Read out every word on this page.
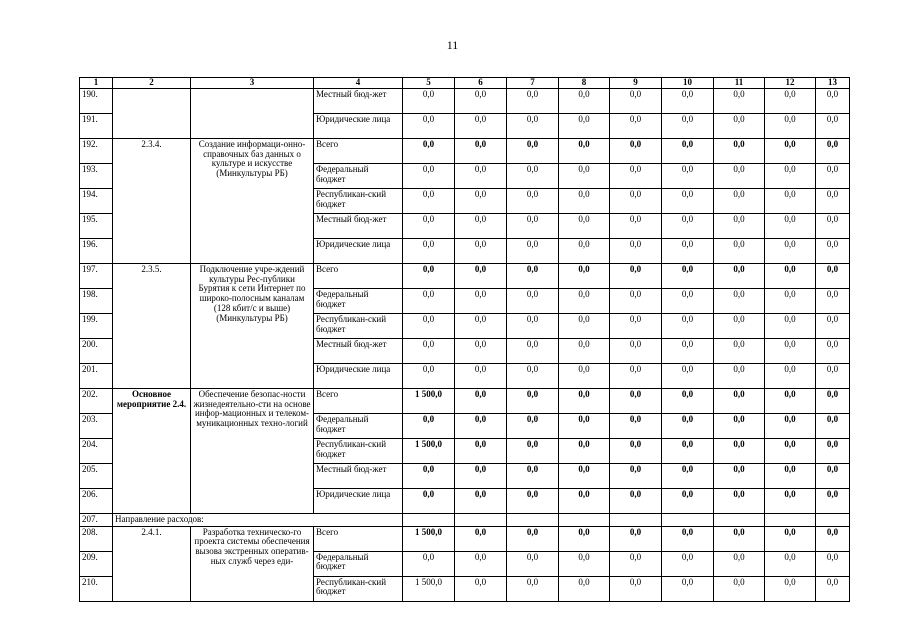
11
1	2	3	4	5	6	7	8	9	10	11	12	13
190.			Местный бюд-жет	0,0	0,0	0,0	0,0	0,0	0,0	0,0	0,0	0,0
191.			Юридические лица	0,0	0,0	0,0	0,0	0,0	0,0	0,0	0,0	0,0
192.	2.3.4.	Создание информаци-онно-справочных баз данных о культуре и искусстве (Минкультуры РБ)	Всего	0,0	0,0	0,0	0,0	0,0	0,0	0,0	0,0	0,0
193.			Федеральный бюджет	0,0	0,0	0,0	0,0	0,0	0,0	0,0	0,0	0,0
194.			Республикан-ский бюджет	0,0	0,0	0,0	0,0	0,0	0,0	0,0	0,0	0,0
195.			Местный бюд-жет	0,0	0,0	0,0	0,0	0,0	0,0	0,0	0,0	0,0
196.			Юридические лица	0,0	0,0	0,0	0,0	0,0	0,0	0,0	0,0	0,0
197.	2.3.5.	Подключение учре-ждений культуры Рес-публики Бурятия к сети Интернет по широко-полосным каналам (128 кбит/с и выше) (Минкультуры РБ)	Всего	0,0	0,0	0,0	0,0	0,0	0,0	0,0	0,0	0,0
198.			Федеральный бюджет	0,0	0,0	0,0	0,0	0,0	0,0	0,0	0,0	0,0
199.			Республикан-ский бюджет	0,0	0,0	0,0	0,0	0,0	0,0	0,0	0,0	0,0
200.			Местный бюд-жет	0,0	0,0	0,0	0,0	0,0	0,0	0,0	0,0	0,0
201.			Юридические лица	0,0	0,0	0,0	0,0	0,0	0,0	0,0	0,0	0,0
202.	Основное мероприятие 2.4.	Обеспечение безопас-ности жизнедеятельно-сти на основе инфор-мационных и телеком-муникационных техно-логий	Всего	1 500,0	0,0	0,0	0,0	0,0	0,0	0,0	0,0	0,0
203.			Федеральный бюджет	0,0	0,0	0,0	0,0	0,0	0,0	0,0	0,0	0,0
204.			Республикан-ский бюджет	1 500,0	0,0	0,0	0,0	0,0	0,0	0,0	0,0	0,0
205.			Местный бюд-жет	0,0	0,0	0,0	0,0	0,0	0,0	0,0	0,0	0,0
206.			Юридические лица	0,0	0,0	0,0	0,0	0,0	0,0	0,0	0,0	0,0
207.	Направление расходов:											
208.	2.4.1.	Разработка техническо-го проекта системы обеспечения вызова экстренных оператив-ных служб через еди-	Всего	1 500,0	0,0	0,0	0,0	0,0	0,0	0,0	0,0	0,0
209.			Федеральный бюджет	0,0	0,0	0,0	0,0	0,0	0,0	0,0	0,0	0,0
210.			Республикан-ский бюджет	1 500,0	0,0	0,0	0,0	0,0	0,0	0,0	0,0	0,0
